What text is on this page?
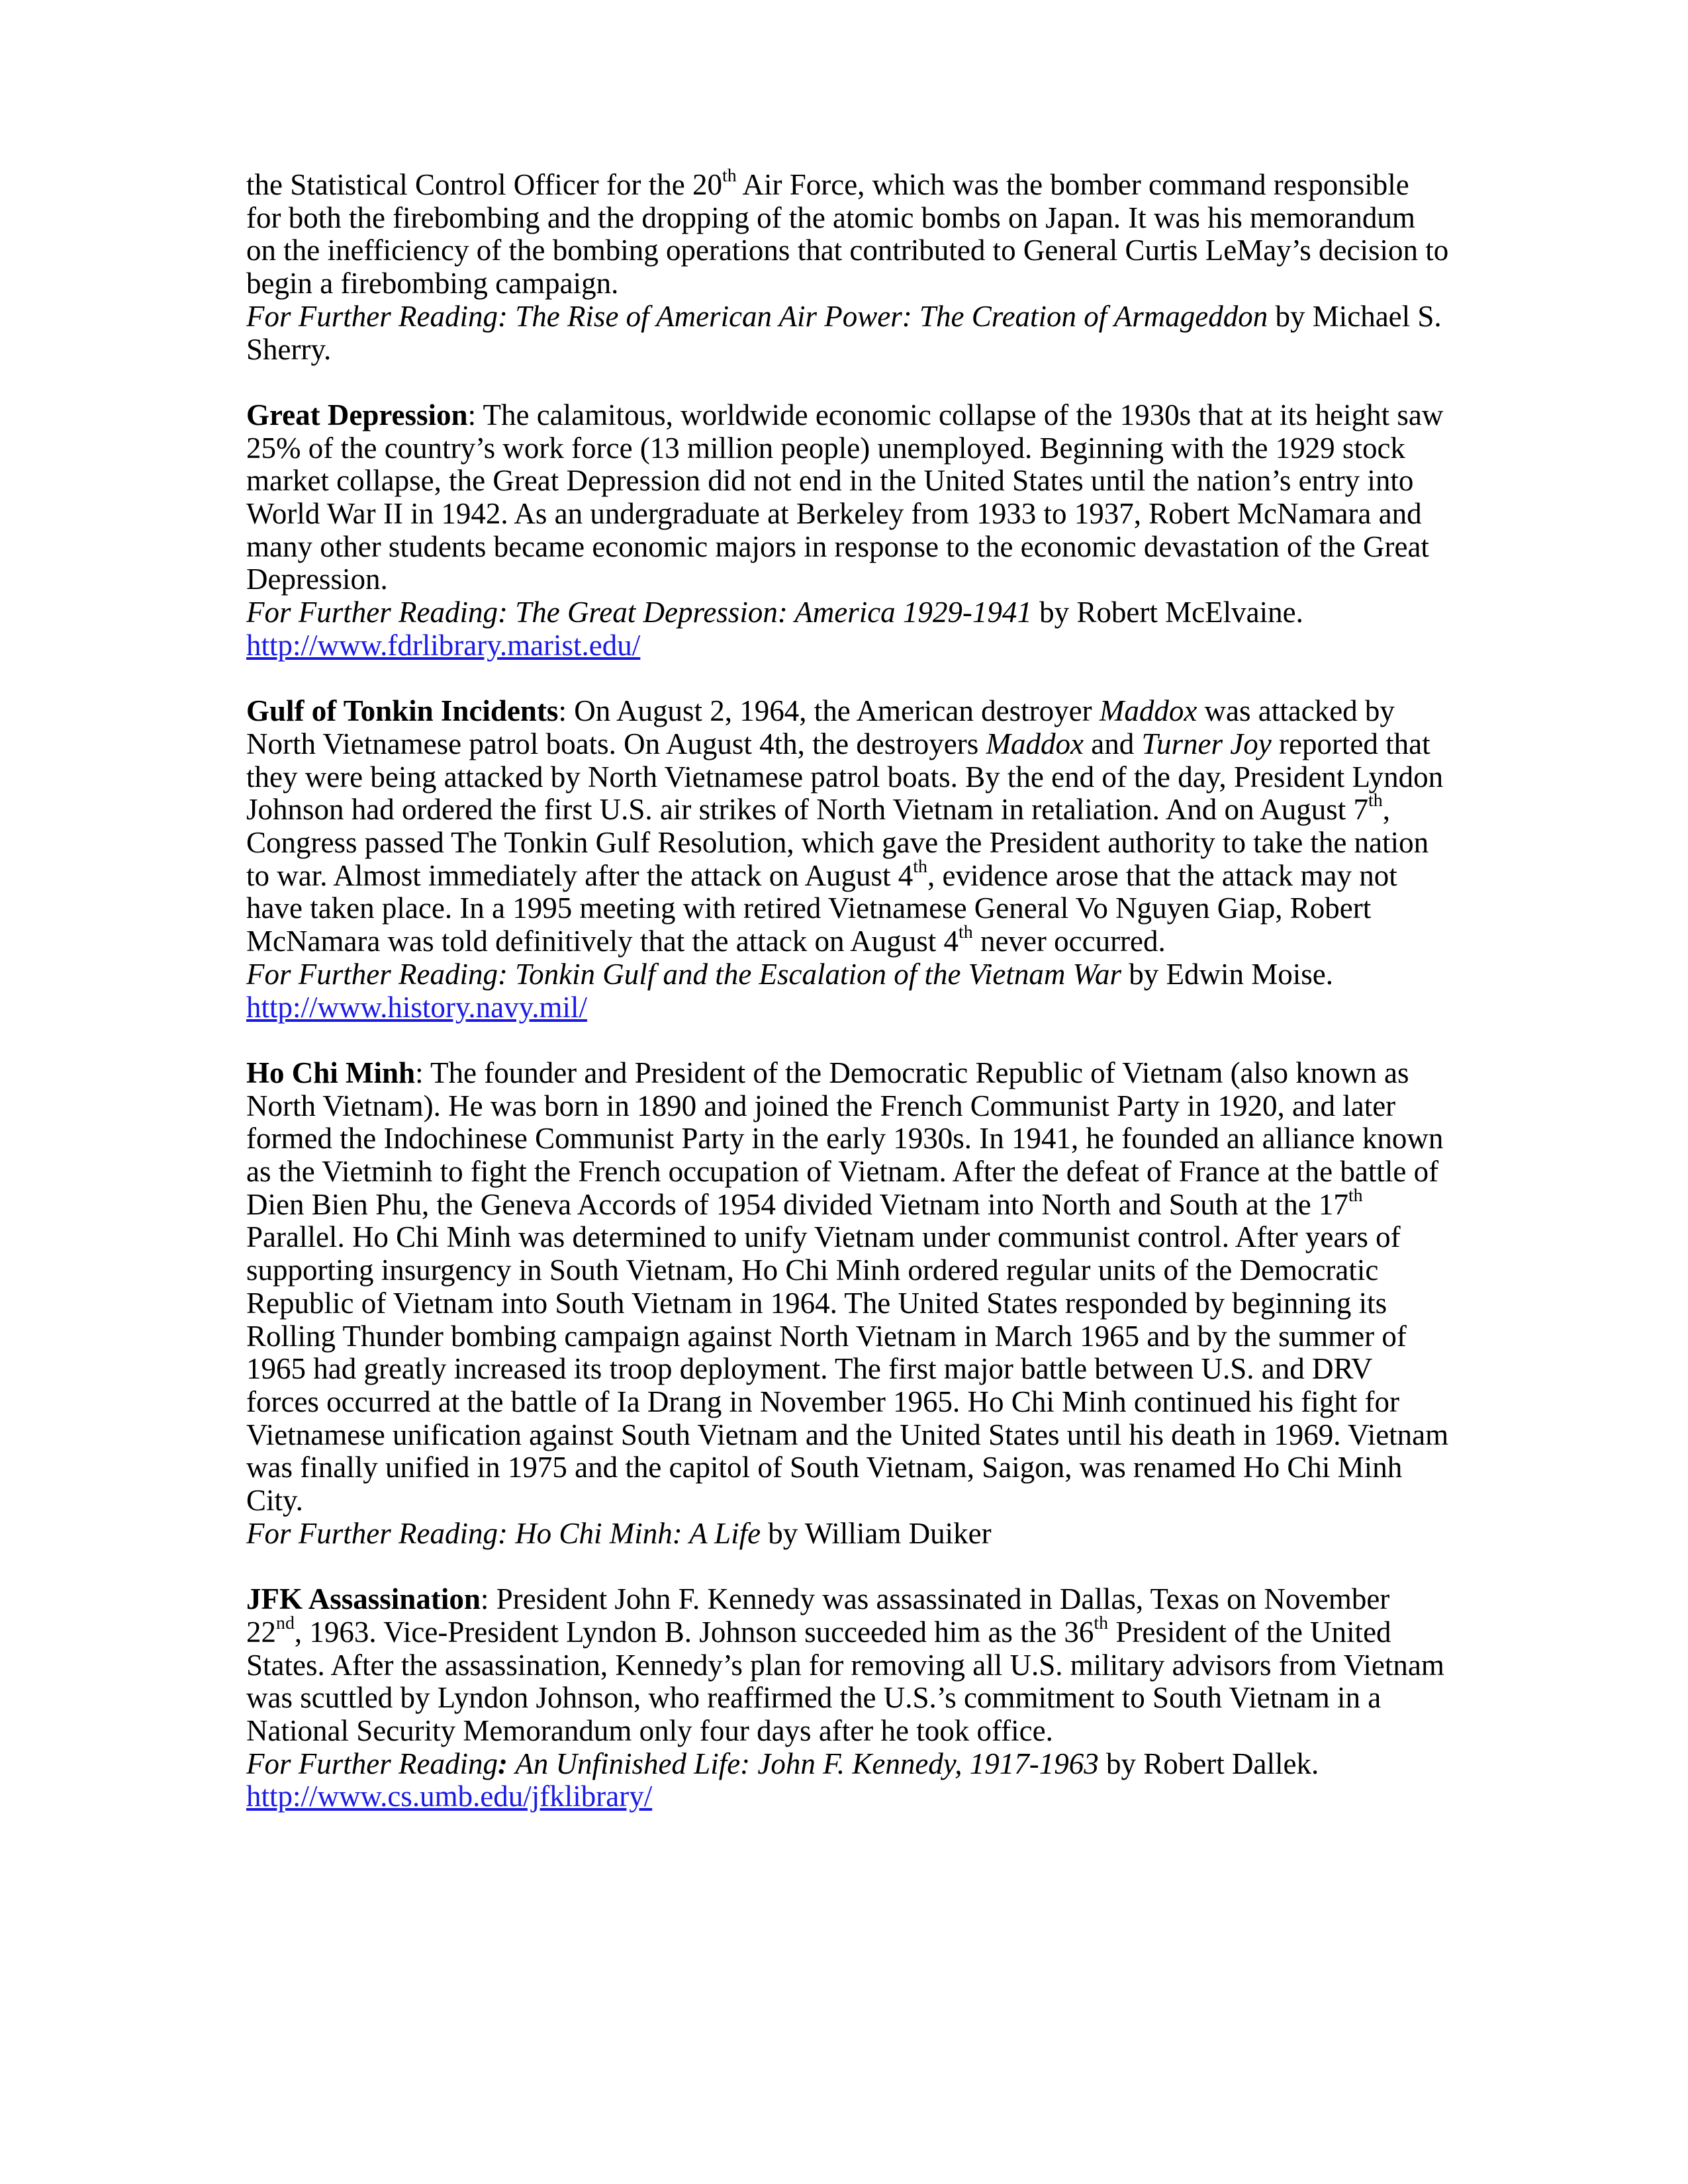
the Statistical Control Officer for the 20th Air Force, which was the bomber command responsible for both the firebombing and the dropping of the atomic bombs on Japan. It was his memorandum on the inefficiency of the bombing operations that contributed to General Curtis LeMay’s decision to begin a firebombing campaign.

For Further Reading: The Rise of American Air Power: The Creation of Armageddon by Michael S. Sherry.

Great Depression: The calamitous, worldwide economic collapse of the 1930s that at its height saw 25% of the country’s work force (13 million people) unemployed. Beginning with the 1929 stock market collapse, the Great Depression did not end in the United States until the nation’s entry into World War II in 1942. As an undergraduate at Berkeley from 1933 to 1937, Robert McNamara and many other students became economic majors in response to the economic devastation of the Great Depression.

For Further Reading: The Great Depression: America 1929-1941 by Robert McElvaine.

http://www.fdrlibrary.marist.edu/

Gulf of Tonkin Incidents: On August 2, 1964, the American destroyer Maddox was attacked by North Vietnamese patrol boats. On August 4th, the destroyers Maddox and Turner Joy reported that they were being attacked by North Vietnamese patrol boats. By the end of the day, President Lyndon Johnson had ordered the first U.S. air strikes of North Vietnam in retaliation. And on August 7th, Congress passed The Tonkin Gulf Resolution, which gave the President authority to take the nation to war. Almost immediately after the attack on August 4th, evidence arose that the attack may not have taken place. In a 1995 meeting with retired Vietnamese General Vo Nguyen Giap, Robert McNamara was told definitively that the attack on August 4th never occurred.

For Further Reading: Tonkin Gulf and the Escalation of the Vietnam War by Edwin Moise.

http://www.history.navy.mil/

Ho Chi Minh: The founder and President of the Democratic Republic of Vietnam (also known as North Vietnam). He was born in 1890 and joined the French Communist Party in 1920, and later formed the Indochinese Communist Party in the early 1930s. In 1941, he founded an alliance known as the Vietminh to fight the French occupation of Vietnam. After the defeat of France at the battle of Dien Bien Phu, the Geneva Accords of 1954 divided Vietnam into North and South at the 17th Parallel. Ho Chi Minh was determined to unify Vietnam under communist control. After years of supporting insurgency in South Vietnam, Ho Chi Minh ordered regular units of the Democratic Republic of Vietnam into South Vietnam in 1964. The United States responded by beginning its Rolling Thunder bombing campaign against North Vietnam in March 1965 and by the summer of 1965 had greatly increased its troop deployment. The first major battle between U.S. and DRV forces occurred at the battle of Ia Drang in November 1965. Ho Chi Minh continued his fight for Vietnamese unification against South Vietnam and the United States until his death in 1969. Vietnam was finally unified in 1975 and the capitol of South Vietnam, Saigon, was renamed Ho Chi Minh City.

For Further Reading: Ho Chi Minh: A Life by William Duiker

JFK Assassination: President John F. Kennedy was assassinated in Dallas, Texas on November 22nd, 1963. Vice-President Lyndon B. Johnson succeeded him as the 36th President of the United States. After the assassination, Kennedy’s plan for removing all U.S. military advisors from Vietnam was scuttled by Lyndon Johnson, who reaffirmed the U.S.’s commitment to South Vietnam in a National Security Memorandum only four days after he took office.

For Further Reading: An Unfinished Life: John F. Kennedy, 1917-1963 by Robert Dallek.

http://www.cs.umb.edu/jfklibrary/
